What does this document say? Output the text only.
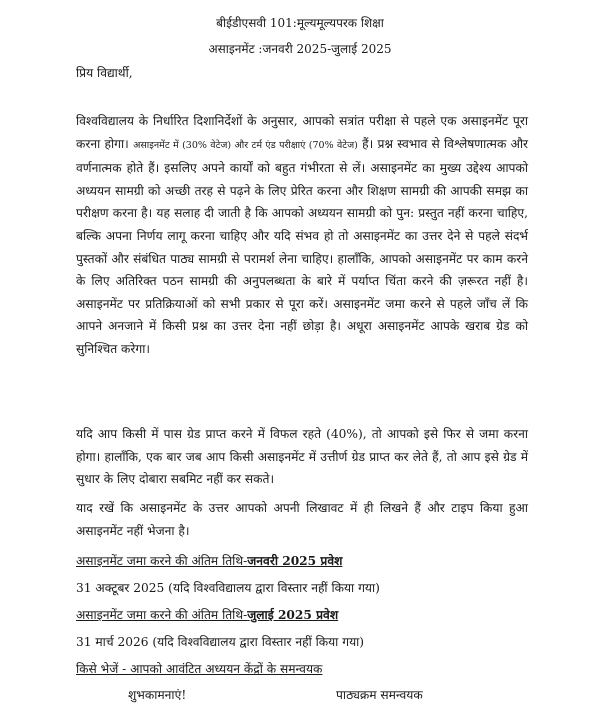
बीईडीएसवी 101:मूल्यमूल्यपरक शिक्षा
असाइनमेंट :जनवरी 2025-जुलाई 2025
प्रिय विद्यार्थी,
विश्वविद्यालय के निर्धारित दिशानिर्देशों के अनुसार, आपको सत्रांत परीक्षा से पहले एक असाइनमेंट पूरा करना होगा। असाइनमेंट में (30% वेटेज) और टर्म एंड परीक्षाएं (70% वेटेज) हैं। प्रश्न स्वभाव से विश्लेषणात्मक और वर्णनात्मक होते हैं। इसलिए अपने कार्यों को बहुत गंभीरता से लें। असाइनमेंट का मुख्य उद्देश्य आपको अध्ययन सामग्री को अच्छी तरह से पढ़ने के लिए प्रेरित करना और शिक्षण सामग्री की आपकी समझ का परीक्षण करना है। यह सलाह दी जाती है कि आपको अध्ययन सामग्री को पुन: प्रस्तुत नहीं करना चाहिए, बल्कि अपना निर्णय लागू करना चाहिए और यदि संभव हो तो असाइनमेंट का उत्तर देने से पहले संदर्भ पुस्तकों और संबंधित पाठ्य सामग्री से परामर्श लेना चाहिए। हालाँकि, आपको असाइनमेंट पर काम करने के लिए अतिरिक्त पठन सामग्री की अनुपलब्धता के बारे में पर्याप्त चिंता करने की ज़रूरत नहीं है। असाइनमेंट पर प्रतिक्रियाओं को सभी प्रकार से पूरा करें। असाइनमेंट जमा करने से पहले जाँच लें कि आपने अनजाने में किसी प्रश्न का उत्तर देना नहीं छोड़ा है। अधूरा असाइनमेंट आपके खराब ग्रेड को सुनिश्चित करेगा।
यदि आप किसी में पास ग्रेड प्राप्त करने में विफल रहते (40%), तो आपको इसे फिर से जमा करना होगा। हालाँकि, एक बार जब आप किसी असाइनमेंट में उत्तीर्ण ग्रेड प्राप्त कर लेते हैं, तो आप इसे ग्रेड में सुधार के लिए दोबारा सबमिट नहीं कर सकते।
याद रखें कि असाइनमेंट के उत्तर आपको अपनी लिखावट में ही लिखने हैं और टाइप किया हुआ असाइनमेंट नहीं भेजना है।
असाइनमेंट जमा करने की अंतिम तिथि-जनवरी 2025 प्रवेश
31 अक्टूबर 2025 (यदि विश्वविद्यालय द्वारा विस्तार नहीं किया गया)
असाइनमेंट जमा करने की अंतिम तिथि-जुलाई 2025 प्रवेश
31 मार्च 2026 (यदि विश्वविद्यालय द्वारा विस्तार नहीं किया गया)
किसे भेजें - आपको आवंटित अध्ययन केंद्रों के समन्वयक
शुभकामनाएं!	पाठ्यक्रम समन्वयक
